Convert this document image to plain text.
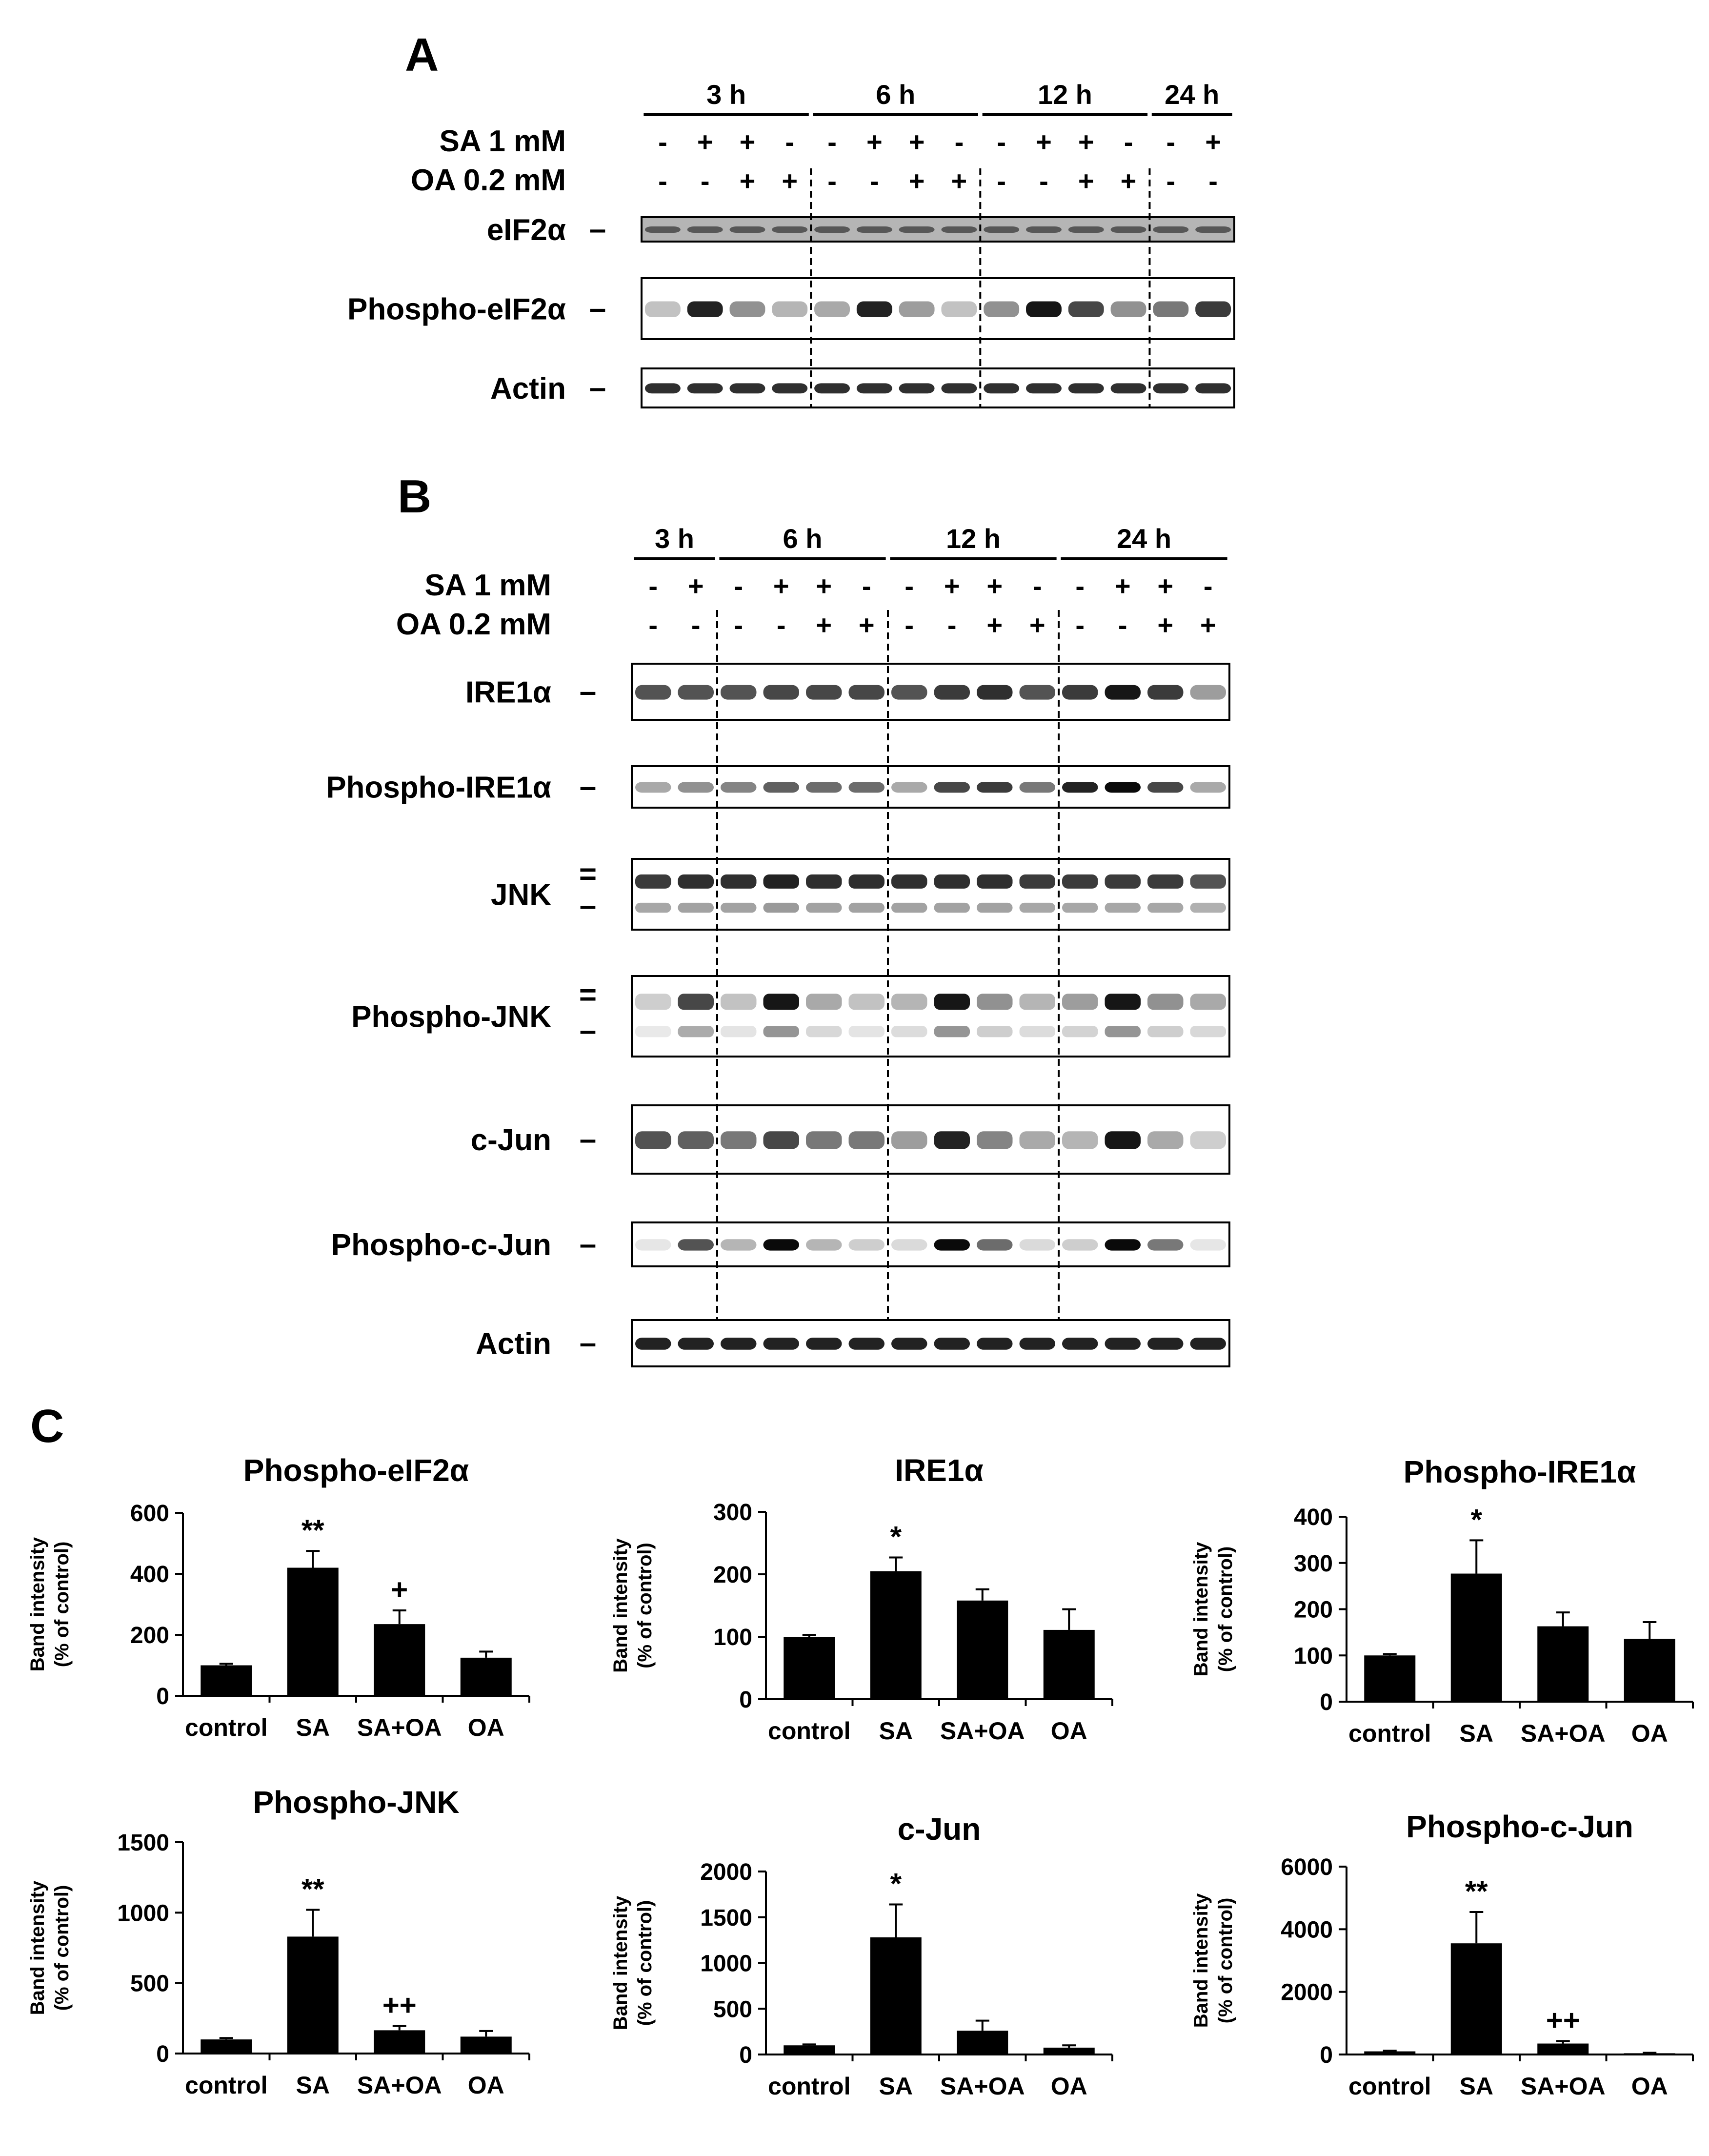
A
B
C
3 h	6 h	12 h	24 h
SA 1 mM	- + + - - + + - - + + - - +
OA 0.2 mM	- - + + - - + + - - + + - -
eIF2α –
Phospho-eIF2α –
Actin –
3 h	6 h	12 h	24 h
SA 1 mM	- + - + + - - + + - - + + -
OA 0.2 mM	- - - - + + - - + + - - + +
IRE1α –
Phospho-IRE1α –
JNK
=
–
Phospho-JNK
=
–
c-Jun –
Phospho-c-Jun –
Actin –
Phospho-eIF2α
0
200
400
600
Band intensity (% of control)
control
**
SA
+
SA+OA OA
IRE1α
0
100
200
300
Band intensity (% of control)
control
*
SA SA+OA OA
Phospho-IRE1α
0
100
200
300
400
Band intensity (% of control)
control
*
SA SA+OA OA
Phospho-JNK
0
500
1000
1500
Band intensity (% of control)
control
**
SA
++
SA+OA OA
c-Jun
0
500
1000
1500
2000
Band intensity (% of control)
control
*
SA SA+OA OA
Phospho-c-Jun
0
2000
4000
6000
Band intensity (% of control)
control
**
SA
++
SA+OA OA
